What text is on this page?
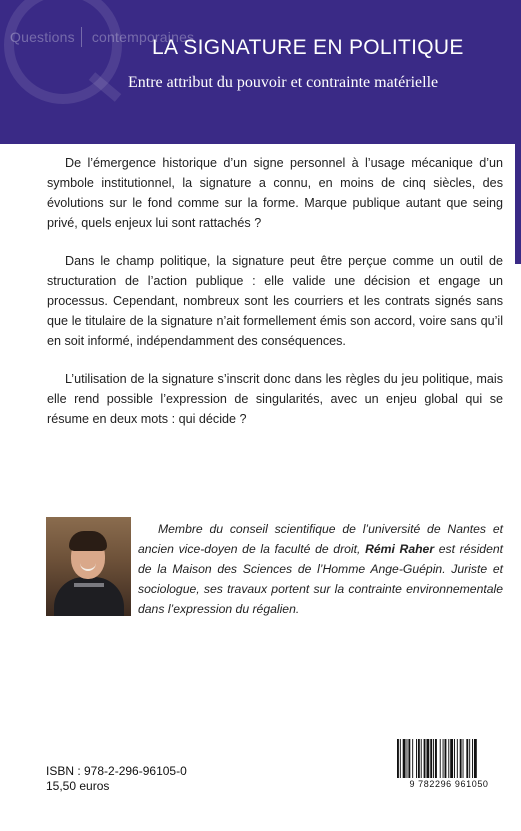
Questions contemporaines
LA SIGNATURE EN POLITIQUE
Entre attribut du pouvoir et contrainte matérielle

De l’émergence historique d’un signe personnel à l’usage mécanique d’un symbole institutionnel, la signature a connu, en moins de cinq siècles, des évolutions sur le fond comme sur la forme. Marque publique autant que seing privé, quels enjeux lui sont rattachés ?

Dans le champ politique, la signature peut être perçue comme un outil de structuration de l’action publique : elle valide une décision et engage un processus. Cependant, nombreux sont les courriers et les contrats signés sans que le titulaire de la signature n’ait formellement émis son accord, voire sans qu’il en soit informé, indépendamment des conséquences.

L’utilisation de la signature s’inscrit donc dans les règles du jeu politique, mais elle rend possible l’expression de singularités, avec un enjeu global qui se résume en deux mots : qui décide ?

Membre du conseil scientifique de l’université de Nantes et ancien vice-doyen de la faculté de droit, Rémi Raher est résident de la Maison des Sciences de l’Homme Ange-Guépin. Juriste et sociologue, ses travaux portent sur la contrainte environnementale dans l’expression du régalien.
ISBN : 978-2-296-96105-0
15,50 euros	9 782296 961050
